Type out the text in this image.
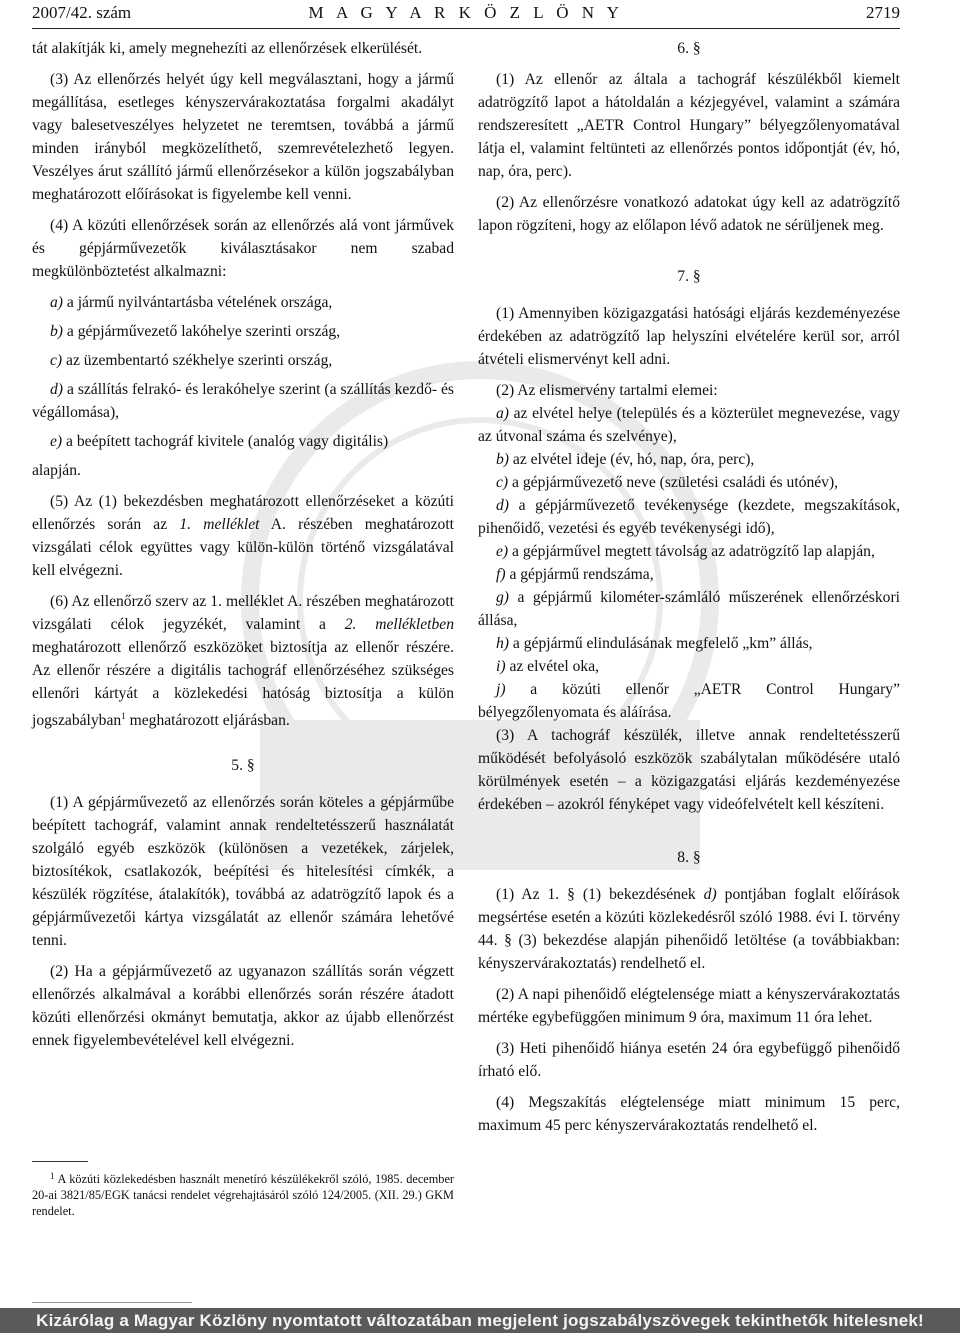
2007/42. szám	M A G Y A R K Ö Z L Ö N Y	2719

tát alakítják ki, amely megnehezíti az ellenőrzések elkerülését.

(3) Az ellenőrzés helyét úgy kell megválasztani, hogy a jármű megállítása, esetleges kényszervárakoztatása forgalmi akadályt vagy balesetveszélyes helyzetet ne teremtsen, továbbá a jármű minden irányból megközelíthető, szemrevételezhető legyen. Veszélyes árut szállító jármű ellenőrzésekor a külön jogszabályban meghatározott előírásokat is figyelembe kell venni.

(4) A közúti ellenőrzések során az ellenőrzés alá vont járművek és gépjárművezetők kiválasztásakor nem szabad megkülönböztetést alkalmazni:

a) a jármű nyilvántartásba vételének országa,

b) a gépjárművezető lakóhelye szerinti ország,

c) az üzembentartó székhelye szerinti ország,

d) a szállítás felrakó- és lerakóhelye szerint (a szállítás kezdő- és végállomása),

e) a beépített tachográf kivitele (analóg vagy digitális)

alapján.

(5) Az (1) bekezdésben meghatározott ellenőrzéseket a közúti ellenőrzés során az 1. melléklet A. részében meghatározott vizsgálati célok együttes vagy külön-külön történő vizsgálatával kell elvégezni.

(6) Az ellenőrző szerv az 1. melléklet A. részében meghatározott vizsgálati célok jegyzékét, valamint a 2. mellékletben meghatározott ellenőrző eszközöket biztosítja az ellenőr részére. Az ellenőr részére a digitális tachográf ellenőrzéséhez szükséges ellenőri kártyát a közlekedési hatóság biztosítja a külön jogszabályban$^1$ meghatározott eljárásban.

5. §

(1) A gépjárművezető az ellenőrzés során köteles a gépjárműbe beépített tachográf, valamint annak rendeltetésszerű használatát szolgáló egyéb eszközök (különösen a vezetékek, zárjelek, biztosítékok, csatlakozók, beépítési és hitelesítési címkék, a készülék rögzítése, átalakítók), továbbá az adatrögzítő lapok és a gépjárművezetői kártya vizsgálatát az ellenőr számára lehetővé tenni.

(2) Ha a gépjárművezető az ugyanazon szállítás során végzett ellenőrzés alkalmával a korábbi ellenőrzés során részére átadott közúti ellenőrzési okmányt bemutatja, akkor az újabb ellenőrzést ennek figyelembevételével kell elvégezni.

$^1$ A közúti közlekedésben használt menetíró készülékekről szóló, 1985. december 20-ai 3821/85/EGK tanácsi rendelet végrehajtásáról szóló 124/2005. (XII. 29.) GKM rendelet.

6. §

(1) Az ellenőr az általa a tachográf készülékből kiemelt adatrögzítő lapot a hátoldalán a kézjegyével, valamint a számára rendszeresített „AETR Control Hungary” bélyegzőlenyomatával látja el, valamint feltünteti az ellenőrzés pontos időpontját (év, hó, nap, óra, perc).

(2) Az ellenőrzésre vonatkozó adatokat úgy kell az adatrögzítő lapon rögzíteni, hogy az előlapon lévő adatok ne sérüljenek meg.

7. §

(1) Amennyiben közigazgatási hatósági eljárás kezdeményezése érdekében az adatrögzítő lap helyszíni elvételére kerül sor, arról átvételi elismervényt kell adni.

(2) Az elismervény tartalmi elemei:

a) az elvétel helye (település és a közterület megnevezése, vagy az útvonal száma és szelvénye),

b) az elvétel ideje (év, hó, nap, óra, perc),

c) a gépjárművezető neve (születési családi és utónév),

d) a gépjárművezető tevékenysége (kezdete, megszakítások, pihenőidő, vezetési és egyéb tevékenységi idő),

e) a gépjárművel megtett távolság az adatrögzítő lap alapján,

f) a gépjármű rendszáma,

g) a gépjármű kilométer-számláló műszerének ellenőrzéskori állása,

h) a gépjármű elindulásának megfelelő „km” állás,

i) az elvétel oka,

j) a közúti ellenőr „AETR Control Hungary” bélyegzőlenyomata és aláírása.

(3) A tachográf készülék, illetve annak rendeltetésszerű működését befolyásoló eszközök szabálytalan működésére utaló körülmények esetén – a közigazgatási eljárás kezdeményezése érdekében – azokról fényképet vagy videófelvételt kell készíteni.

8. §

(1) Az 1. § (1) bekezdésének d) pontjában foglalt előírások megsértése esetén a közúti közlekedésről szóló 1988. évi I. törvény 44. § (3) bekezdése alapján pihenőidő letöltése (a továbbiakban: kényszervárakoztatás) rendelhető el.

(2) A napi pihenőidő elégtelensége miatt a kényszervárakoztatás mértéke egybefüggően minimum 9 óra, maximum 11 óra lehet.

(3) Heti pihenőidő hiánya esetén 24 óra egybefüggő pihenőidő írható elő.

(4) Megszakítás elégtelensége miatt minimum 15 perc, maximum 45 perc kényszervárakoztatás rendelhető el.

Kizárólag a Magyar Közlöny nyomtatott változatában megjelent jogszabályszövegek tekinthetők hitelesnek!
